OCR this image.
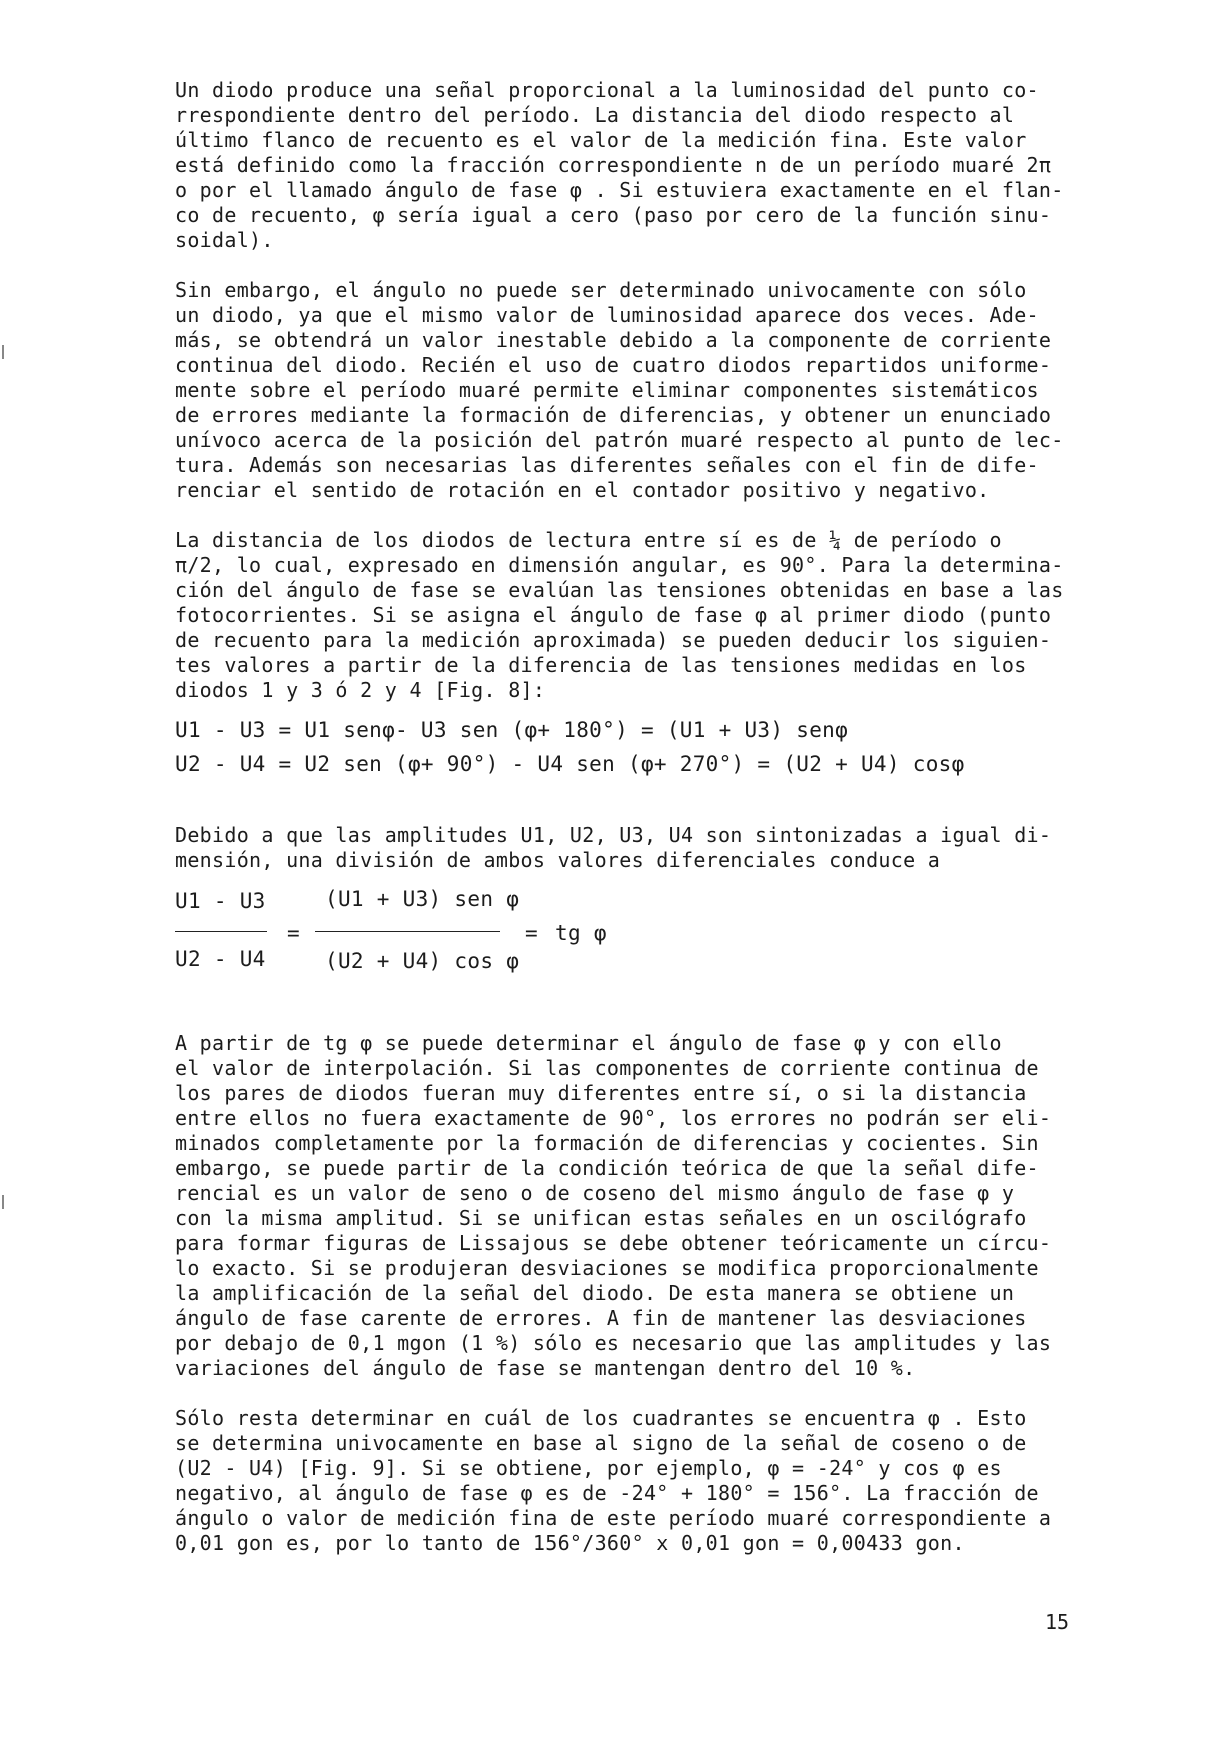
Un diodo produce una señal proporcional a la luminosidad del punto co-
rrespondiente dentro del período. La distancia del diodo respecto al
último flanco de recuento es el valor de la medición fina. Este valor
está definido como la fracción correspondiente n de un período muaré 2π
o por el llamado ángulo de fase φ . Si estuviera exactamente en el flan-
co de recuento, φ sería igual a cero (paso por cero de la función sinu-
soidal).
Sin embargo, el ángulo no puede ser determinado univocamente con sólo
un diodo, ya que el mismo valor de luminosidad aparece dos veces. Ade-
más, se obtendrá un valor inestable debido a la componente de corriente
continua del diodo. Recién el uso de cuatro diodos repartidos uniforme-
mente sobre el período muaré permite eliminar componentes sistemáticos
de errores mediante la formación de diferencias, y obtener un enunciado
unívoco acerca de la posición del patrón muaré respecto al punto de lec-
tura. Además son necesarias las diferentes señales con el fin de dife-
renciar el sentido de rotación en el contador positivo y negativo.
La distancia de los diodos de lectura entre sí es de ¼ de período o
π/2, lo cual, expresado en dimensión angular, es 90°. Para la determina-
ción del ángulo de fase se evalúan las tensiones obtenidas en base a las
fotocorrientes. Si se asigna el ángulo de fase φ al primer diodo (punto
de recuento para la medición aproximada) se pueden deducir los siguien-
tes valores a partir de la diferencia de las tensiones medidas en los
diodos 1 y 3 ó 2 y 4 [Fig. 8]:
U1 - U3 = U1 senφ- U3 sen (φ+ 180°) = (U1 + U3) senφ
U2 - U4 = U2 sen (φ+ 90°) - U4 sen (φ+ 270°) = (U2 + U4) cosφ
Debido a que las amplitudes U1, U2, U3, U4 son sintonizadas a igual di-
mensión, una división de ambos valores diferenciales conduce a
U1 - U3
U2 - U4
=
(U1 + U3) sen φ
(U2 + U4) cos φ
= tg φ
A partir de tg φ se puede determinar el ángulo de fase φ y con ello
el valor de interpolación. Si las componentes de corriente continua de
los pares de diodos fueran muy diferentes entre sí, o si la distancia
entre ellos no fuera exactamente de 90°, los errores no podrán ser eli-
minados completamente por la formación de diferencias y cocientes. Sin
embargo, se puede partir de la condición teórica de que la señal dife-
rencial es un valor de seno o de coseno del mismo ángulo de fase φ y
con la misma amplitud. Si se unifican estas señales en un oscilógrafo
para formar figuras de Lissajous se debe obtener teóricamente un círcu-
lo exacto. Si se produjeran desviaciones se modifica proporcionalmente
la amplificación de la señal del diodo. De esta manera se obtiene un
ángulo de fase carente de errores. A fin de mantener las desviaciones
por debajo de 0,1 mgon (1 %) sólo es necesario que las amplitudes y las
variaciones del ángulo de fase se mantengan dentro del 10 %.
Sólo resta determinar en cuál de los cuadrantes se encuentra φ . Esto
se determina univocamente en base al signo de la señal de coseno o de
(U2 - U4) [Fig. 9]. Si se obtiene, por ejemplo, φ = -24° y cos φ es
negativo, al ángulo de fase φ es de -24° + 180° = 156°. La fracción de
ángulo o valor de medición fina de este período muaré correspondiente a
0,01 gon es, por lo tanto de 156°/360° x 0,01 gon = 0,00433 gon.
15
